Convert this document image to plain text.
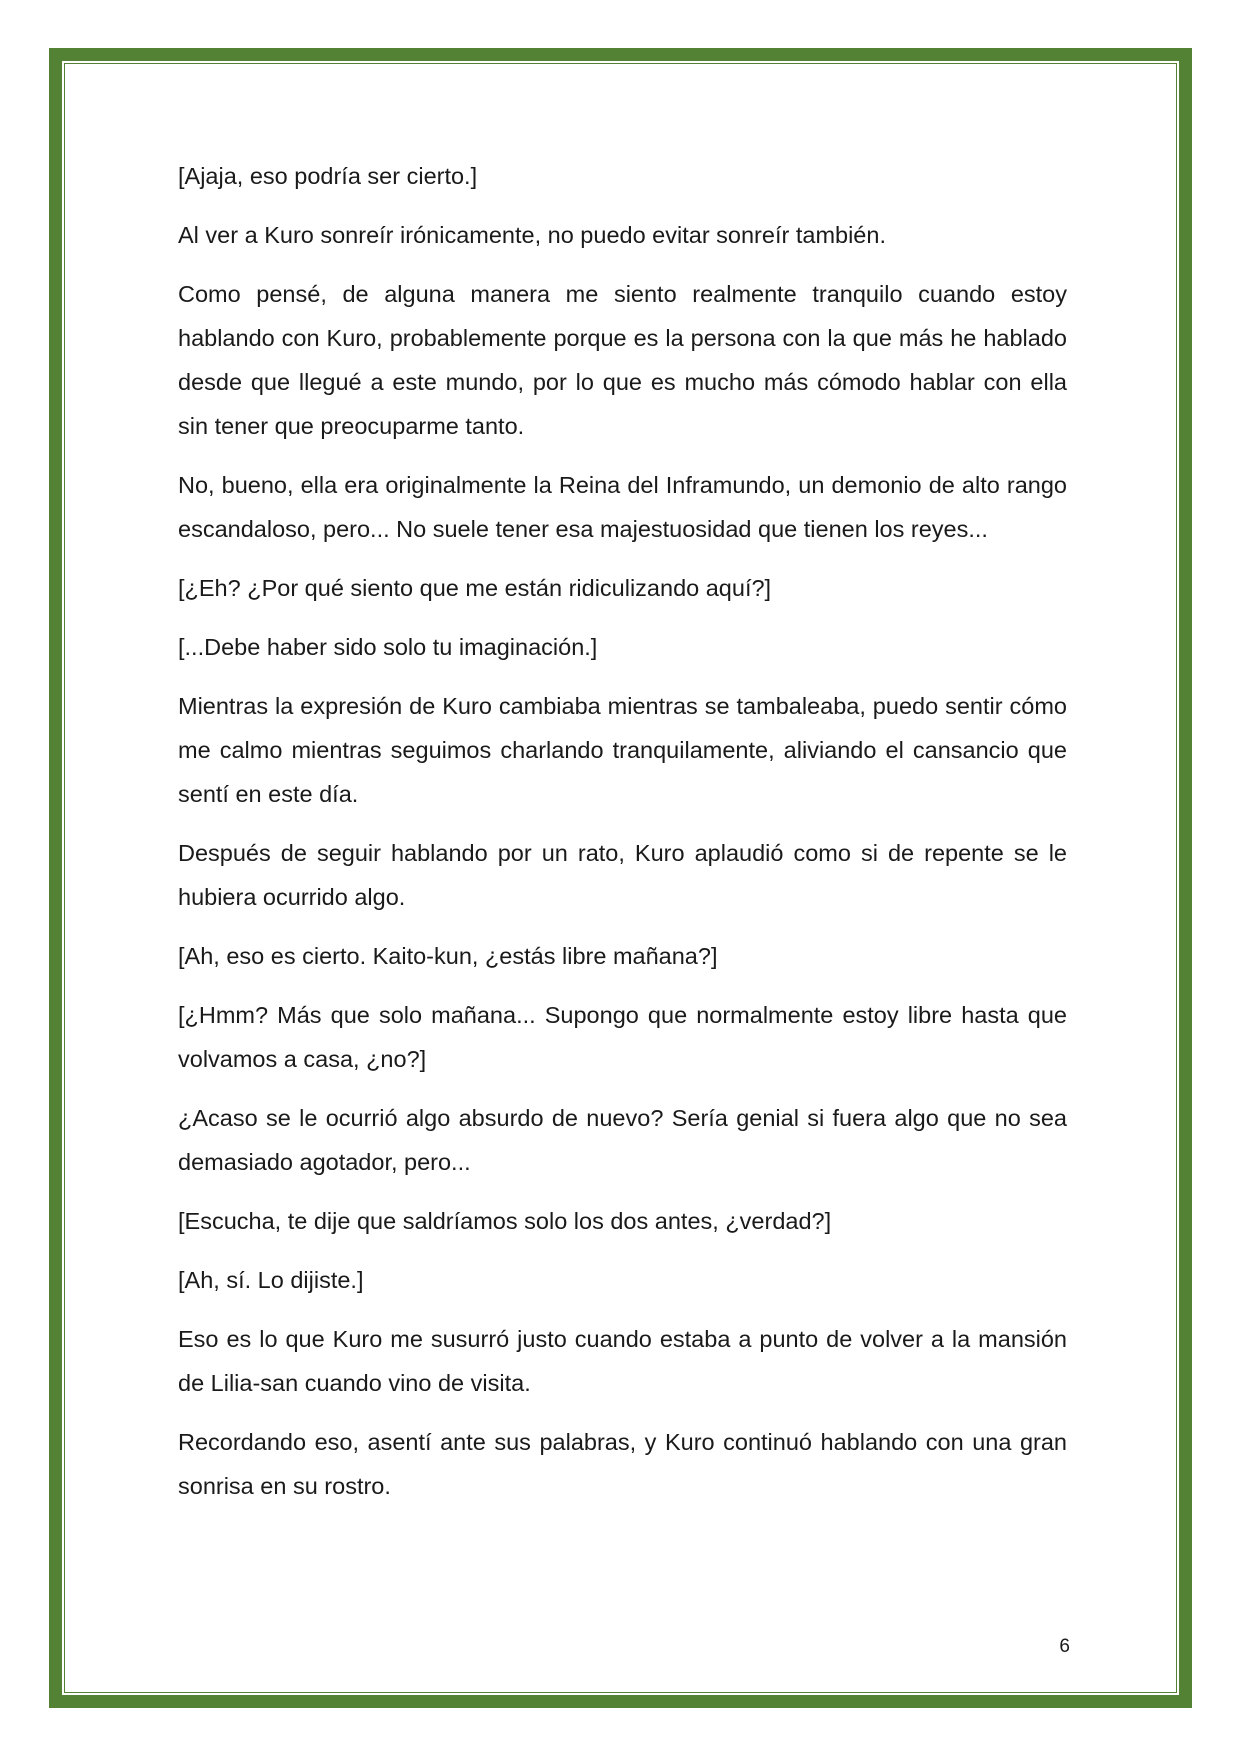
[Ajaja, eso podría ser cierto.]

Al ver a Kuro sonreír irónicamente, no puedo evitar sonreír también.

Como pensé, de alguna manera me siento realmente tranquilo cuando estoy hablando con Kuro, probablemente porque es la persona con la que más he hablado desde que llegué a este mundo, por lo que es mucho más cómodo hablar con ella sin tener que preocuparme tanto.

No, bueno, ella era originalmente la Reina del Inframundo, un demonio de alto rango escandaloso, pero... No suele tener esa majestuosidad que tienen los reyes...

[¿Eh? ¿Por qué siento que me están ridiculizando aquí?]

[...Debe haber sido solo tu imaginación.]

Mientras la expresión de Kuro cambiaba mientras se tambaleaba, puedo sentir cómo me calmo mientras seguimos charlando tranquilamente, aliviando el cansancio que sentí en este día.

Después de seguir hablando por un rato, Kuro aplaudió como si de repente se le hubiera ocurrido algo.

[Ah, eso es cierto. Kaito-kun, ¿estás libre mañana?]

[¿Hmm? Más que solo mañana... Supongo que normalmente estoy libre hasta que volvamos a casa, ¿no?]

¿Acaso se le ocurrió algo absurdo de nuevo? Sería genial si fuera algo que no sea demasiado agotador, pero...

[Escucha, te dije que saldríamos solo los dos antes, ¿verdad?]

[Ah, sí. Lo dijiste.]

Eso es lo que Kuro me susurró justo cuando estaba a punto de volver a la mansión de Lilia-san cuando vino de visita.

Recordando eso, asentí ante sus palabras, y Kuro continuó hablando con una gran sonrisa en su rostro.

6
